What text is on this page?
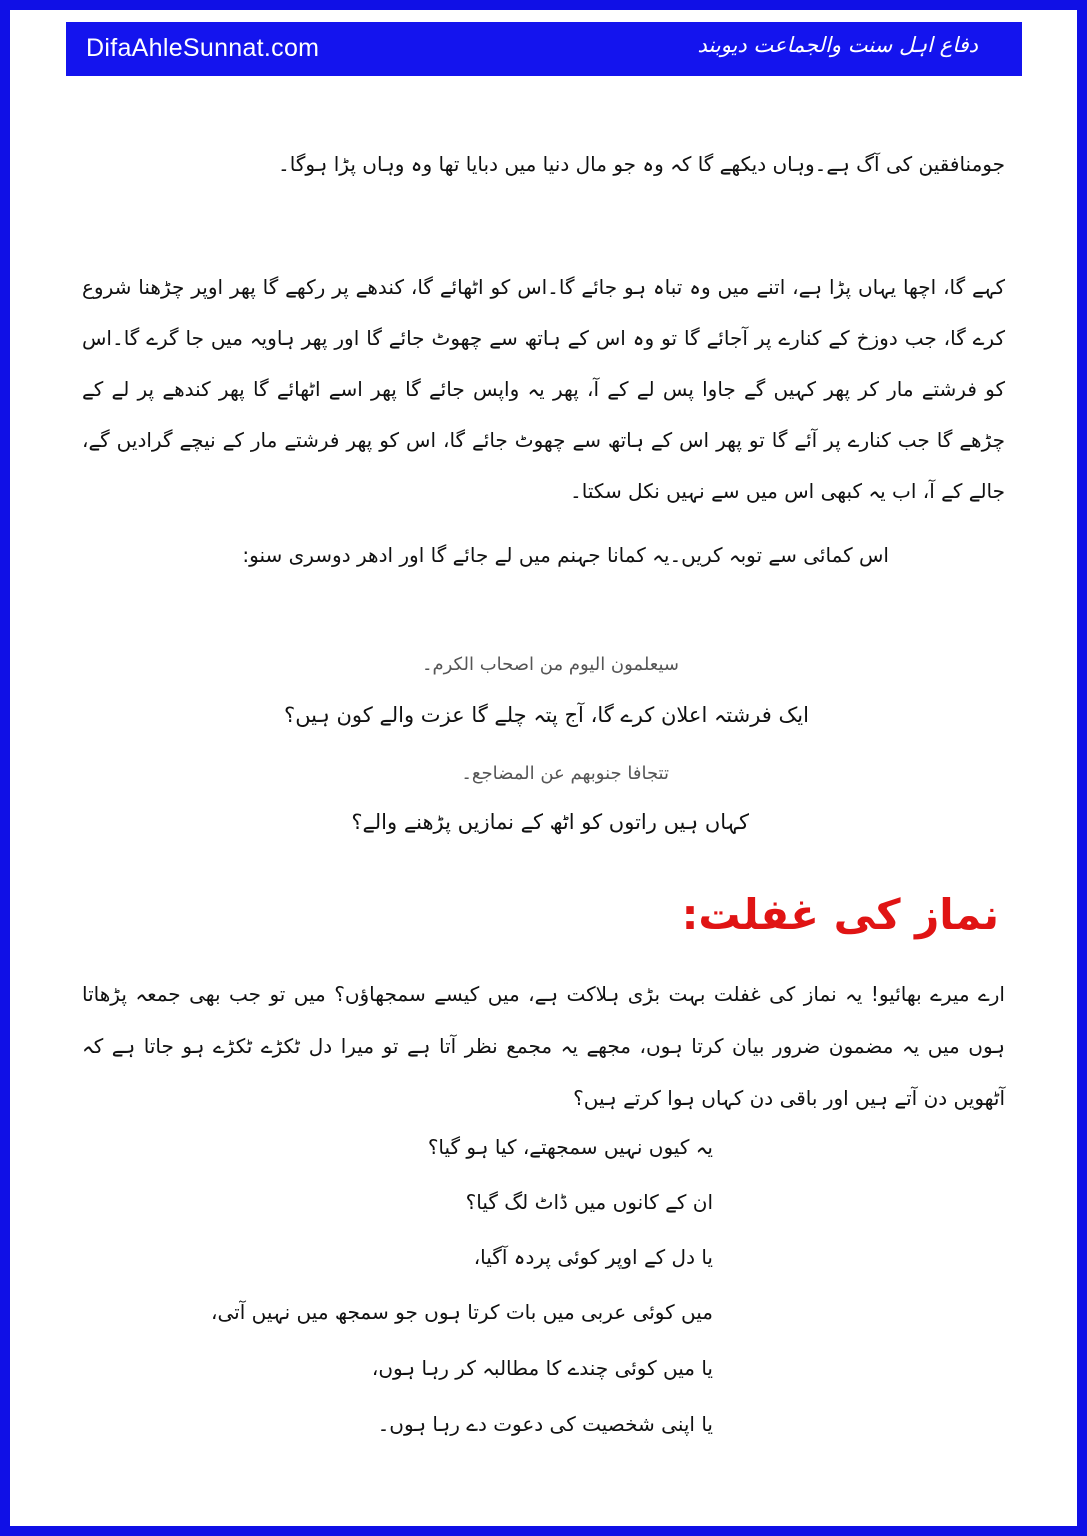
DifaAhleSunnat.com	دفاع اہل سنت والجماعت دیوبند

جومنافقین کی آگ ہے۔وہاں دیکھے گا کہ وہ جو مال دنیا میں دبایا تھا وہ وہاں پڑا ہوگا۔

کہے گا، اچھا یہاں پڑا ہے، اتنے میں وہ تباہ ہو جائے گا۔اس کو اٹھائے گا، کندھے پر رکھے گا پھر اوپر چڑھنا شروع کرے گا، جب دوزخ کے کنارے پر آجائے گا تو وہ اس کے ہاتھ سے چھوٹ جائے گا اور پھر ہاویہ میں جا گرے گا۔اس کو فرشتے مار کر پھر کہیں گے جاوا پس لے کے آ، پھر یہ واپس جائے گا پھر اسے اٹھائے گا پھر کندھے پر لے کے چڑھے گا جب کنارے پر آئے گا تو پھر اس کے ہاتھ سے چھوٹ جائے گا، اس کو پھر فرشتے مار کے نیچے گرادیں گے، جالے کے آ، اب یہ کبھی اس میں سے نہیں نکل سکتا۔

اس کمائی سے توبہ کریں۔یہ کمانا جہنم میں لے جائے گا اور ادھر دوسری سنو:

سیعلمون الیوم من اصحاب الکرم۔

ایک فرشتہ اعلان کرے گا، آج پتہ چلے گا عزت والے کون ہیں؟

تتجافا جنوبھم عن المضاجع۔

کہاں ہیں راتوں کو اٹھ کے نمازیں پڑھنے والے؟

نماز کی غفلت:

ارے میرے بھائیو! یہ نماز کی غفلت بہت بڑی ہلاکت ہے، میں کیسے سمجھاؤں؟ میں تو جب بھی جمعہ پڑھاتا ہوں میں یہ مضمون ضرور بیان کرتا ہوں، مجھے یہ مجمع نظر آتا ہے تو میرا دل ٹکڑے ٹکڑے ہو جاتا ہے کہ آٹھویں دن آتے ہیں اور باقی دن کہاں ہوا کرتے ہیں؟

یہ کیوں نہیں سمجھتے، کیا ہو گیا؟

ان کے کانوں میں ڈاٹ لگ گیا؟

یا دل کے اوپر کوئی پردہ آگیا،

میں کوئی عربی میں بات کرتا ہوں جو سمجھ میں نہیں آتی،

یا میں کوئی چندے کا مطالبہ کر رہا ہوں،

یا اپنی شخصیت کی دعوت دے رہا ہوں۔
